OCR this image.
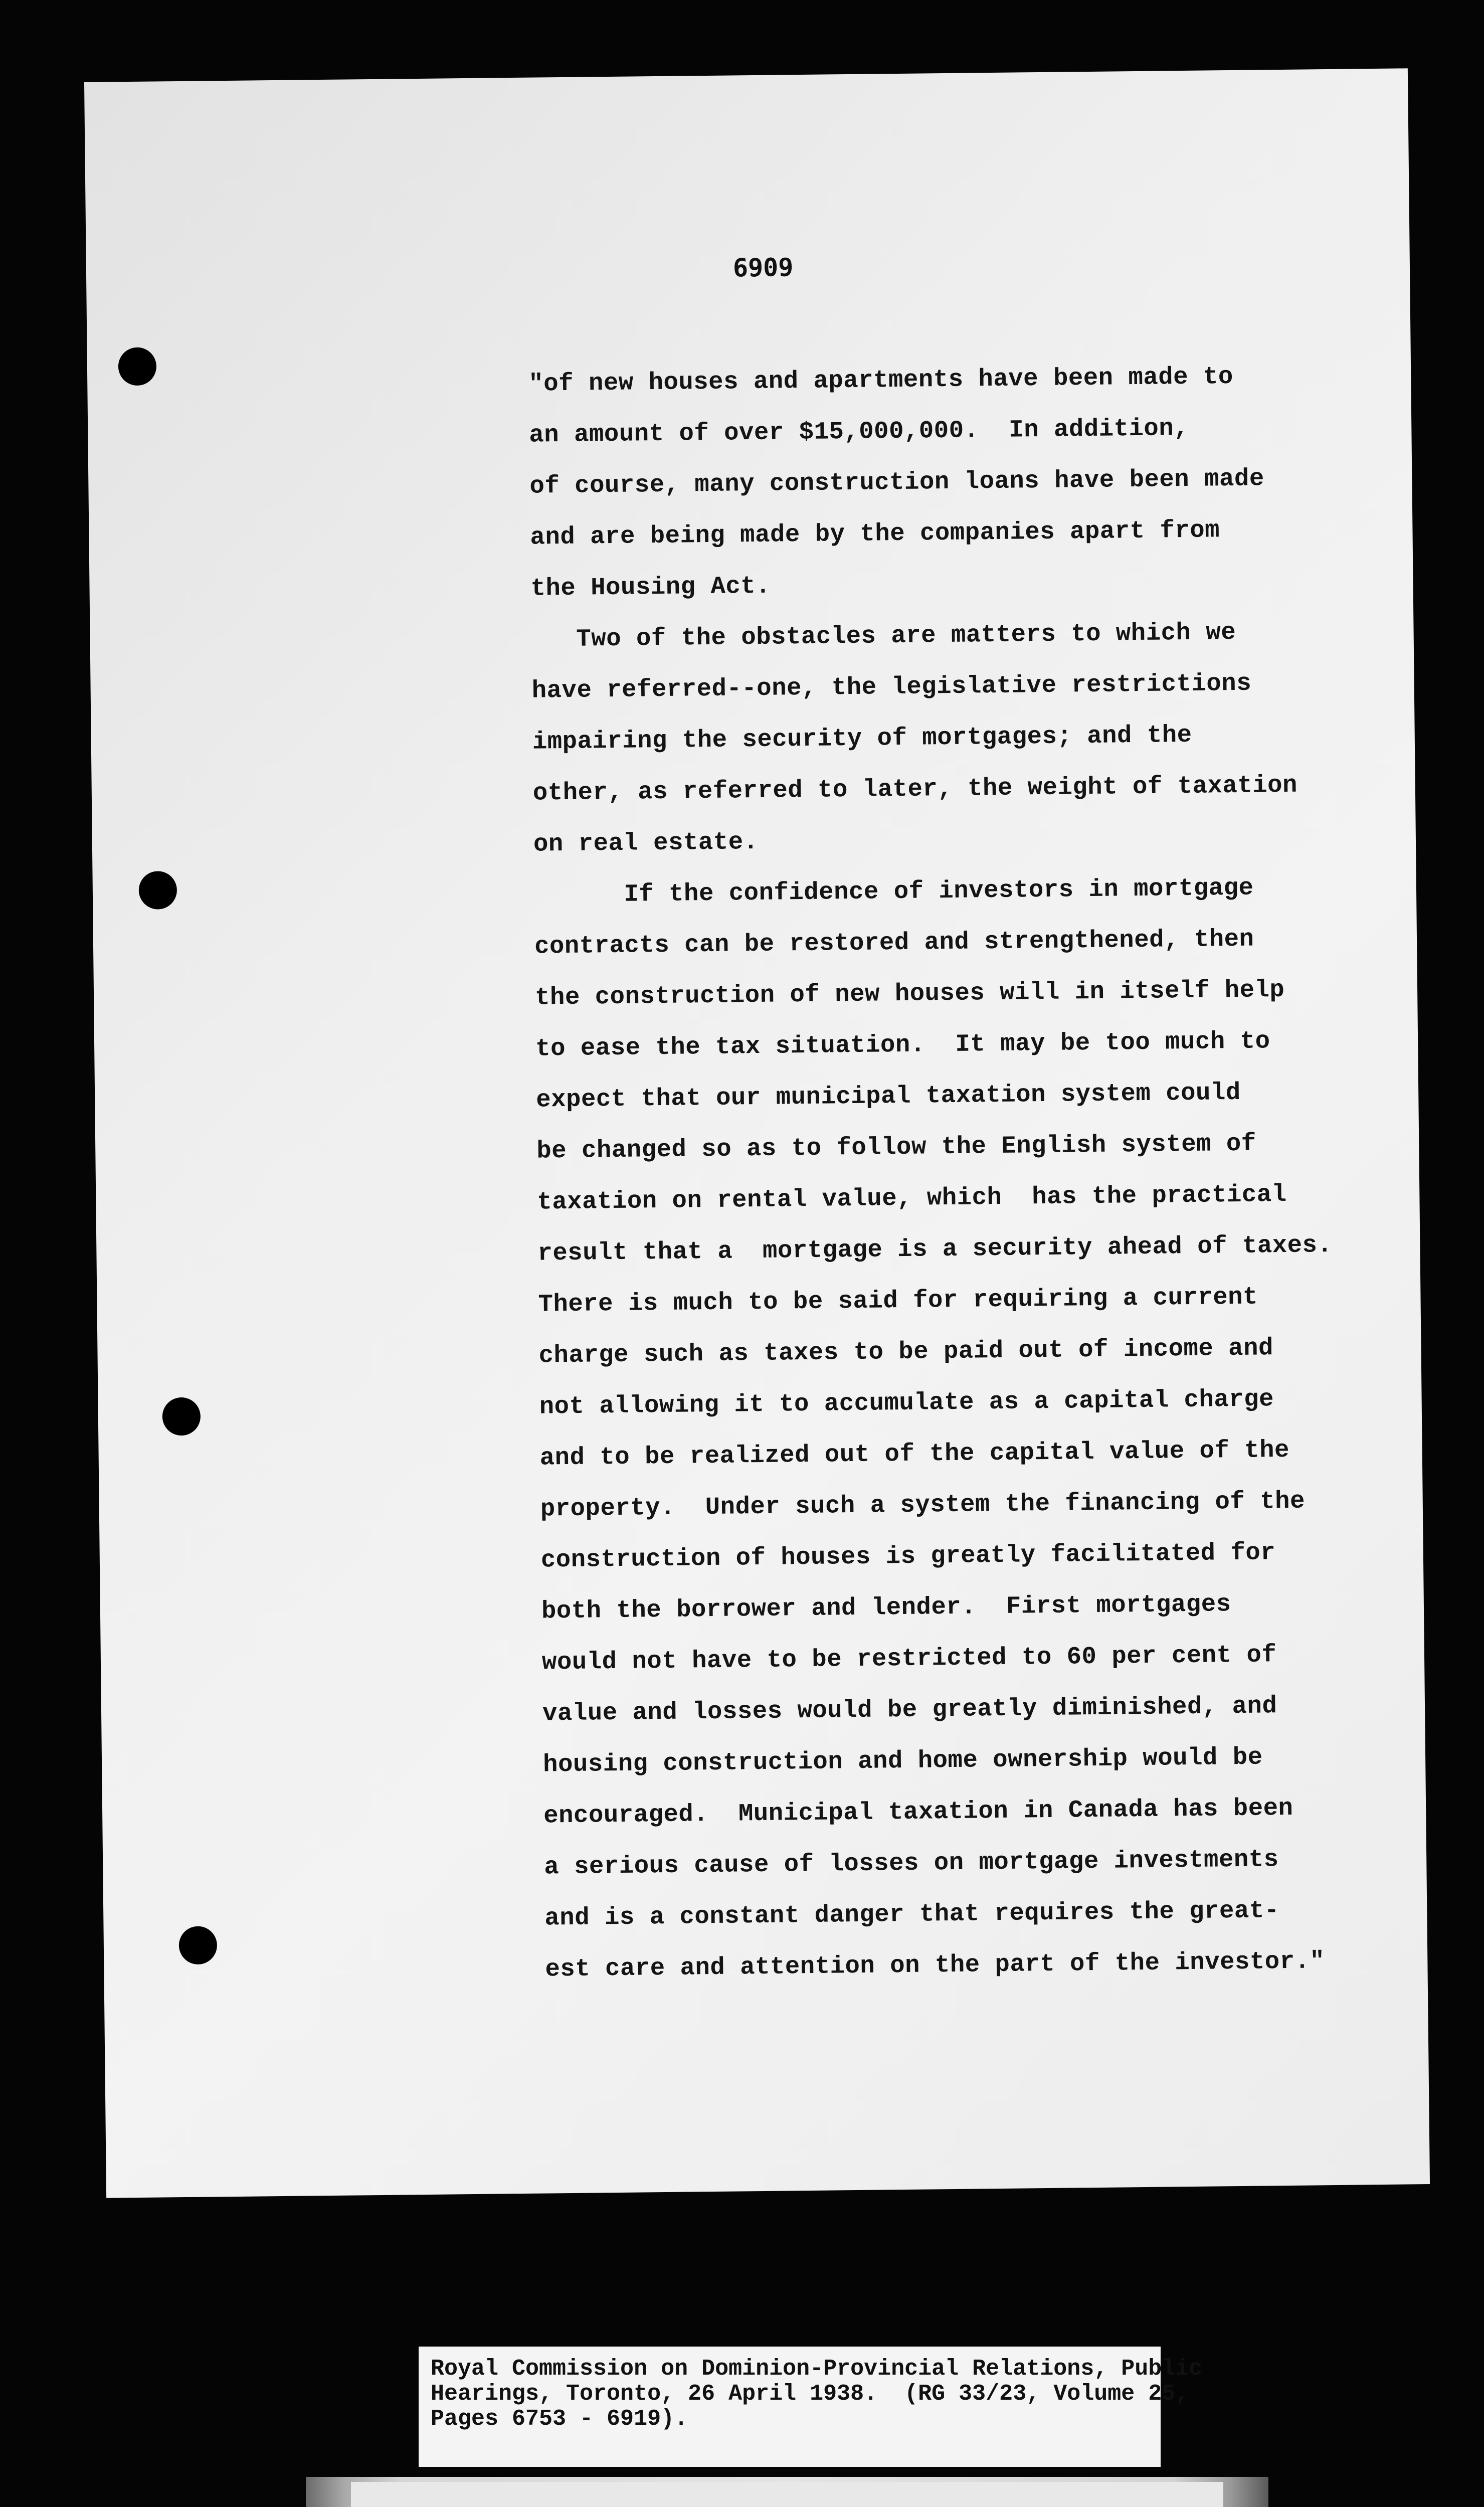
6909
"of new houses and apartments have been made to
an amount of over $15,000,000.  In addition,
of course, many construction loans have been made
and are being made by the companies apart from
the Housing Act.
Two of the obstacles are matters to which we
have referred--one, the legislative restrictions
impairing the security of mortgages; and the
other, as referred to later, the weight of taxation
on real estate.
If the confidence of investors in mortgage
contracts can be restored and strengthened, then
the construction of new houses will in itself help
to ease the tax situation.  It may be too much to
expect that our municipal taxation system could
be changed so as to follow the English system of
taxation on rental value, which  has the practical
result that a  mortgage is a security ahead of taxes.
There is much to be said for requiring a current
charge such as taxes to be paid out of income and
not allowing it to accumulate as a capital charge
and to be realized out of the capital value of the
property.  Under such a system the financing of the
construction of houses is greatly facilitated for
both the borrower and lender.  First mortgages
would not have to be restricted to 60 per cent of
value and losses would be greatly diminished, and
housing construction and home ownership would be
encouraged.  Municipal taxation in Canada has been
a serious cause of losses on mortgage investments
and is a constant danger that requires the great-
est care and attention on the part of the investor."
Royal Commission on Dominion-Provincial Relations, Public
Hearings, Toronto, 26 April 1938.  (RG 33/23, Volume 25,
Pages 6753 - 6919).
